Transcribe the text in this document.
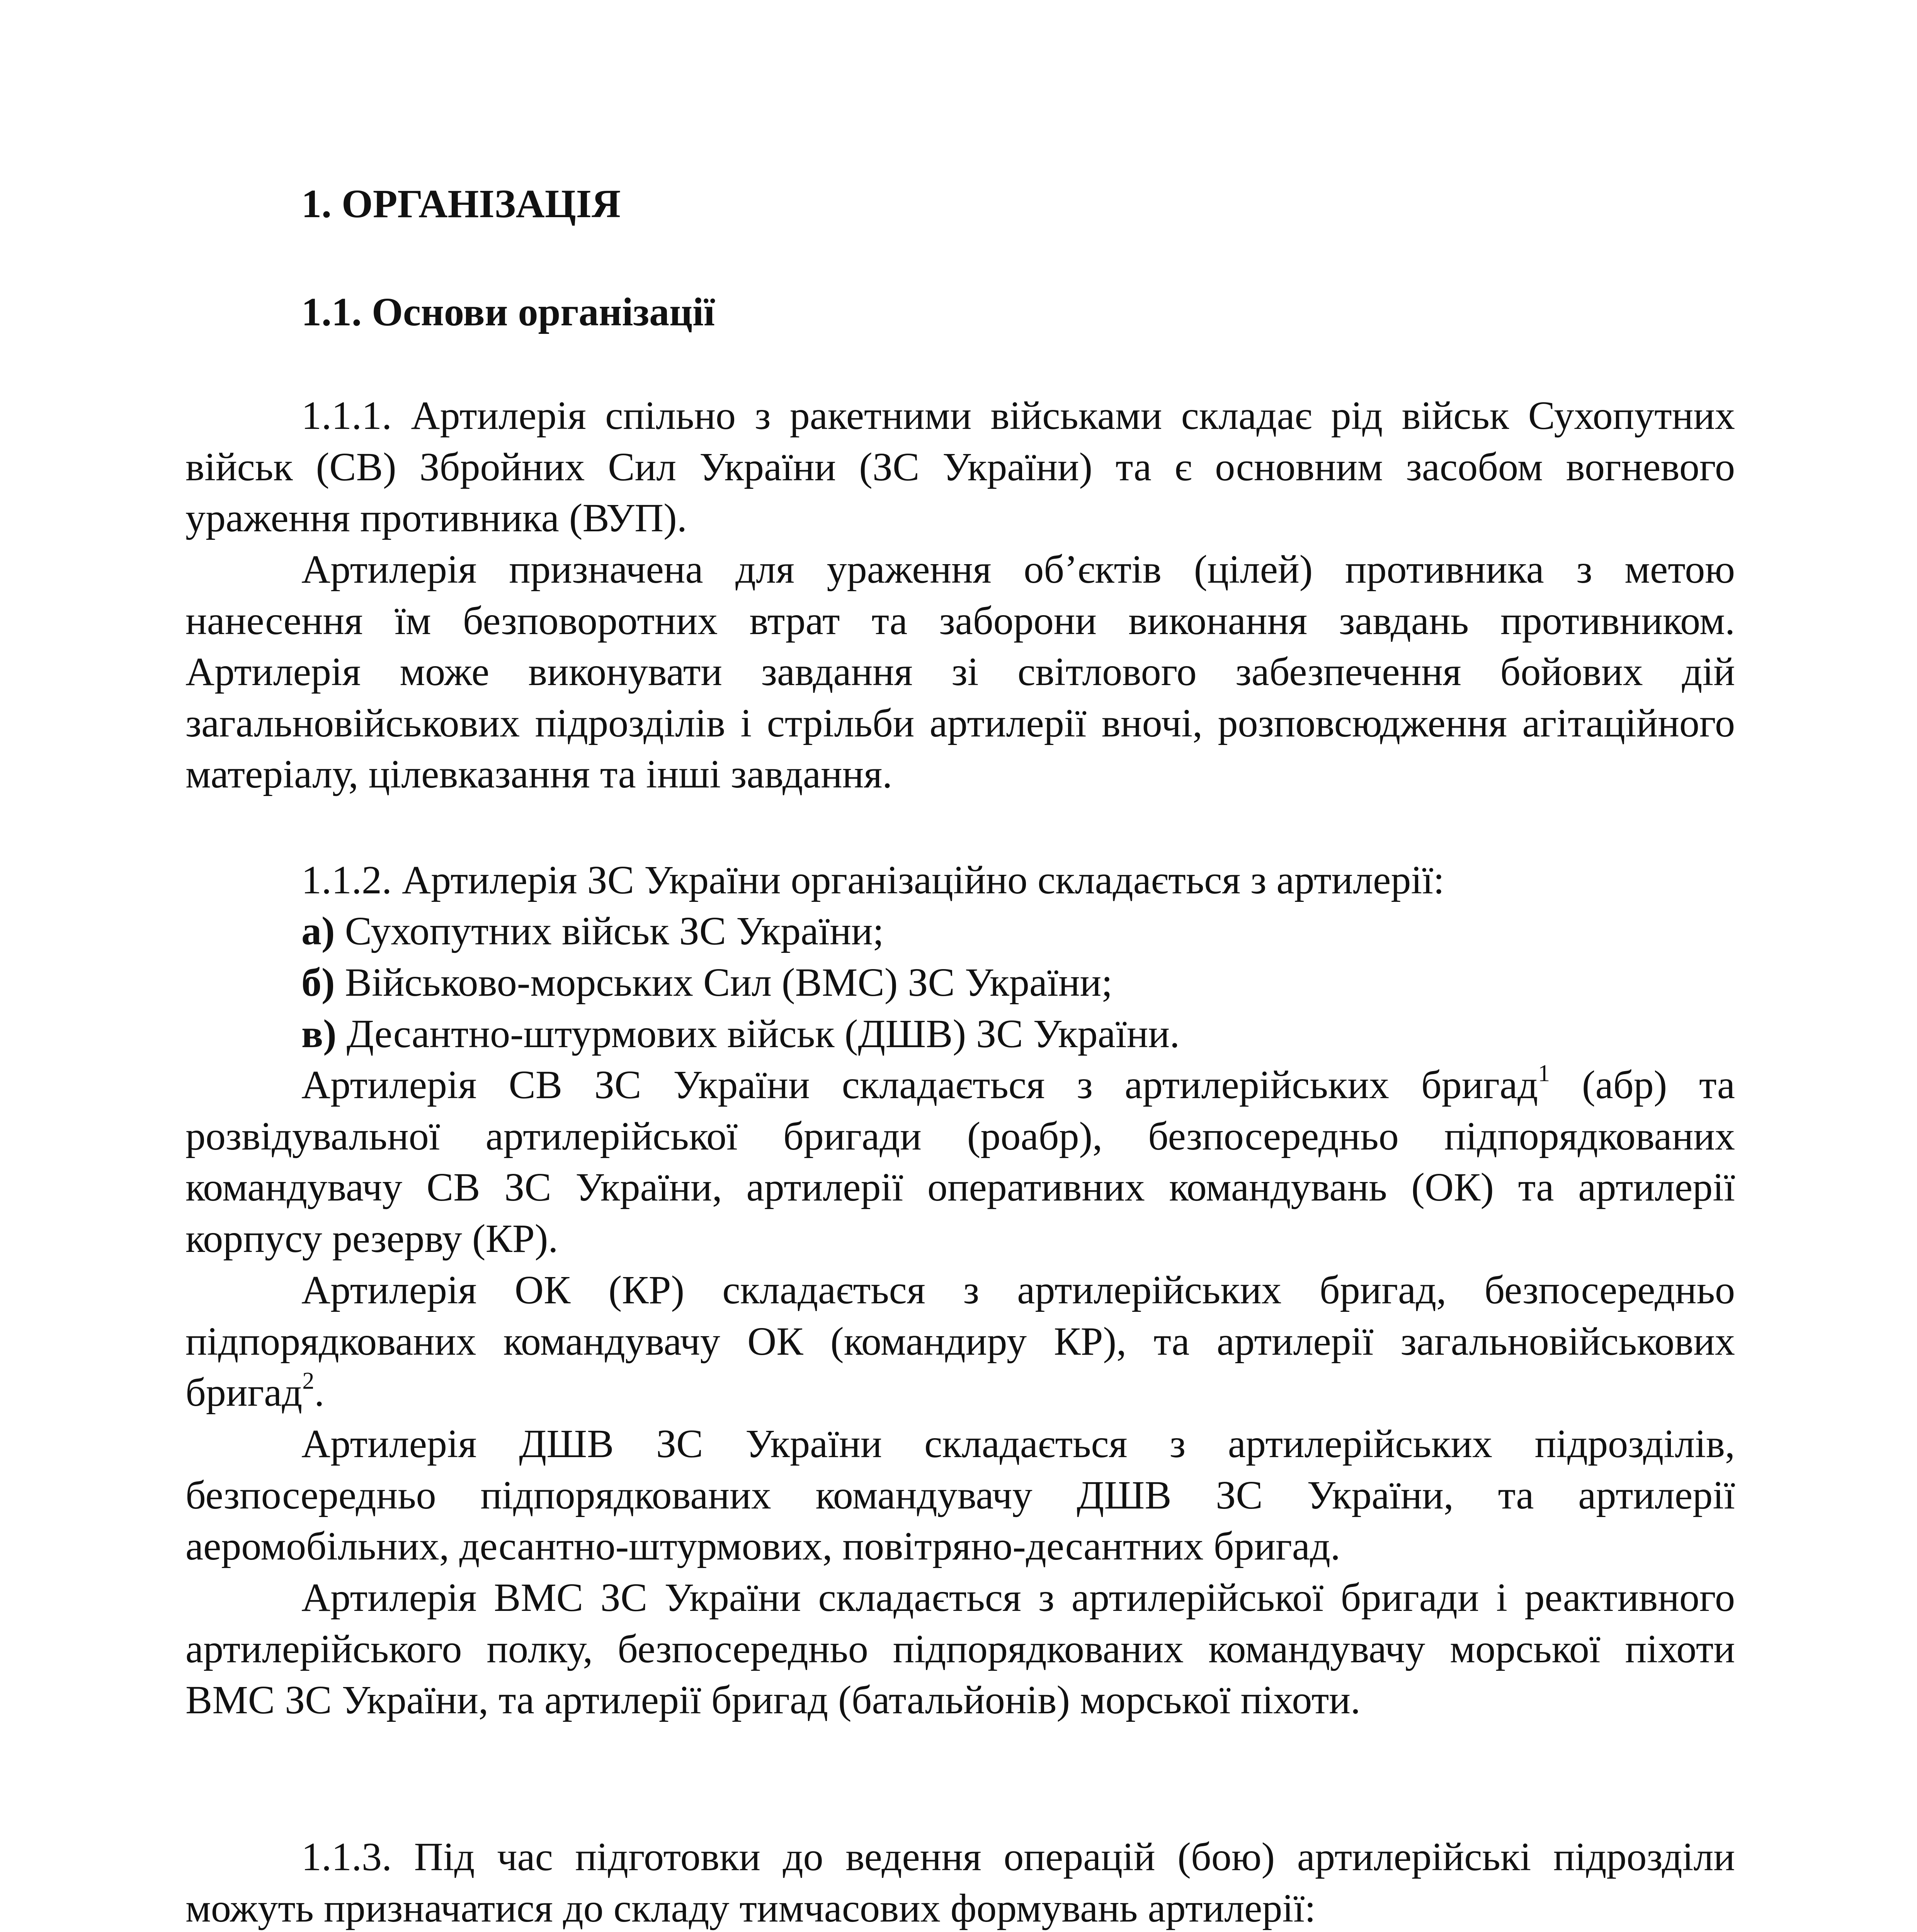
1. ОРГАНІЗАЦІЯ
1.1. Основи організації

1.1.1. Артилерія спільно з ракетними військами складає рід військ Сухопутних військ (СВ) Збройних Сил України (ЗС України) та є основним засобом вогневого ураження противника (ВУП).

Артилерія призначена для ураження об’єктів (цілей) противника з метою нанесення їм безповоротних втрат та заборони виконання завдань противником. Артилерія може виконувати завдання зі світлового забезпечення бойових дій загальновійськових підрозділів і стрільби артилерії вночі, розповсюдження агітаційного матеріалу, цілевказання та інші завдання.

1.1.2. Артилерія ЗС України організаційно складається з артилерії:

а) Сухопутних військ ЗС України;

б) Військово-морських Сил (ВМС) ЗС України;

в) Десантно-штурмових військ (ДШВ) ЗС України.

Артилерія СВ ЗС України складається з артилерійських бригад$^1$ (абр) та розвідувальної артилерійської бригади (роабр), безпосередньо підпорядкованих командувачу СВ ЗС України, артилерії оперативних командувань (ОК) та артилерії корпусу резерву (КР).

Артилерія ОК (КР) складається з артилерійських бригад, безпосередньо підпорядкованих командувачу ОК (командиру КР), та артилерії загальновійськових бригад$^2$.

Артилерія ДШВ ЗС України складається з артилерійських підрозділів, безпосередньо підпорядкованих командувачу ДШВ ЗС України, та артилерії аеромобільних, десантно-штурмових, повітряно-десантних бригад.

Артилерія ВМС ЗС України складається з артилерійської бригади і реактивного артилерійського полку, безпосередньо підпорядкованих командувачу морської піхоти ВМС ЗС України, та артилерії бригад (батальйонів) морської піхоти.

1.1.3. Під час підготовки до ведення операцій (бою) артилерійські підрозділи можуть призначатися до складу тимчасових формувань артилерії:
